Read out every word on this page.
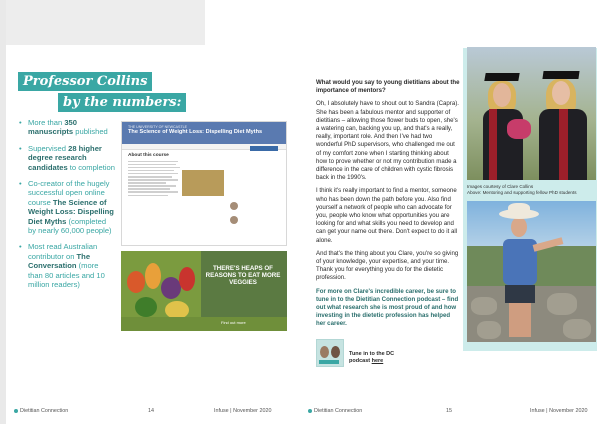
Professor Collins
by the numbers:
• More than 350 manuscripts published
• Supervised 28 higher degree research candidates to completion
• Co-creator of the hugely successful open online course The Science of Weight Loss: Dispelling Diet Myths (completed by nearly 60,000 people)
• Most read Australian contributor on The Conversation (more than 80 articles and 10 million readers)
THE UNIVERSITY OF NEWCASTLE
The Science of Weight Loss: Dispelling Diet Myths
About this course
THERE'S HEAPS OF REASONS TO EAT MORE VEGGIES
Find out more
Dietitian Connection	14	Infuse | November 2020

What would you say to young dietitians about the importance of mentors?

Oh, I absolutely have to shout out to Sandra (Capra). She has been a fabulous mentor and supporter of dietitians – allowing those flower buds to open, she's a watering can, backing you up, and that's a really, really, important role. And then I've had two wonderful PhD supervisors, who challenged me out of my comfort zone when I starting thinking about how to prove whether or not my contribution made a difference in the care of children with cystic fibrosis back in the 1990's.

I think it's really important to find a mentor, someone who has been down the path before you. Also find yourself a network of people who can advocate for you, people who know what opportunities you are looking for and what skills you need to develop and can get your name out there. Don't expect to do it all alone.

And that's the thing about you Clare, you're so giving of your knowledge, your expertise, and your time. Thank you for everything you do for the dietetic profession.

For more on Clare's incredible career, be sure to tune in to the Dietitian Connection podcast – find out what research she is most proud of and how investing in the dietetic profession has helped her career.

Tune in to the DC podcast here
Images courtesy of Clare Collins
Above: Mentoring and supporting fellow PhD students
Dietitian Connection	15	Infuse | November 2020
